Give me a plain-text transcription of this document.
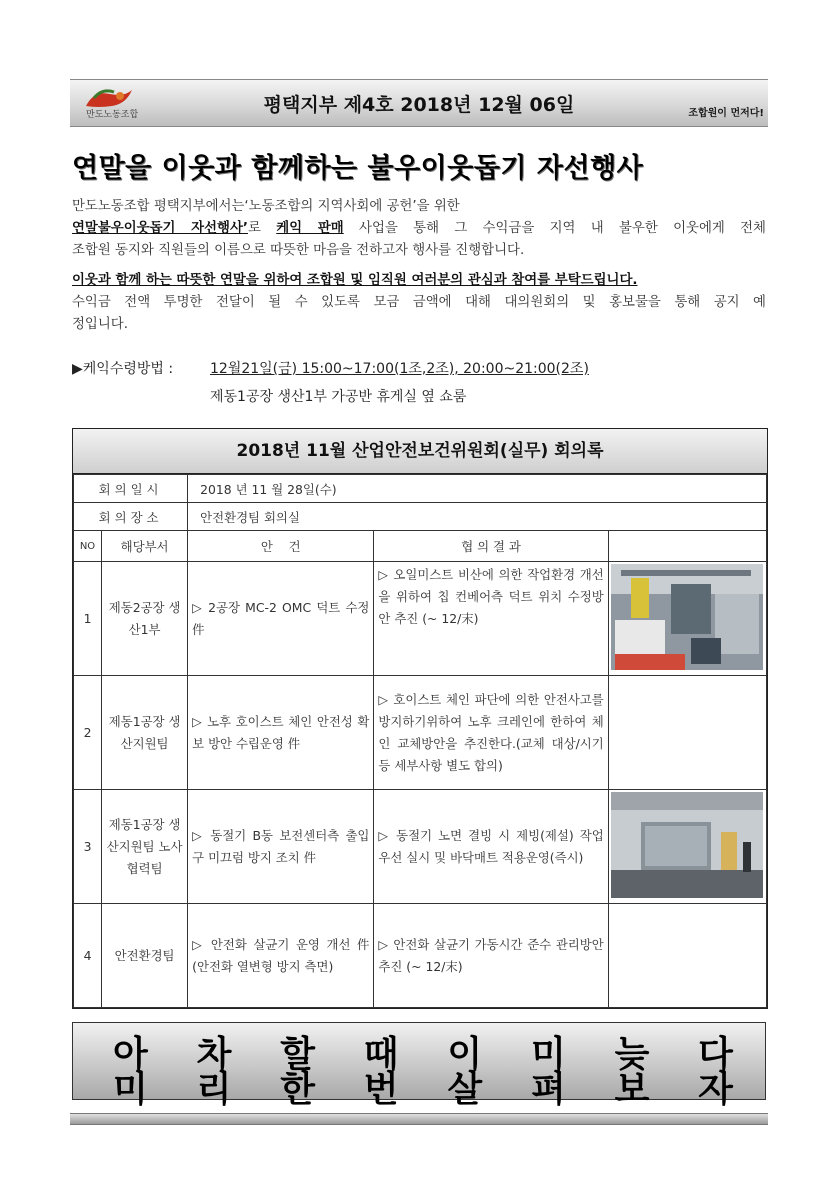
만도노동조합	평택지부 제4호 2018년 12월 06일	조합원이 먼저다!
연말을 이웃과 함께하는 불우이웃돕기 자선행사
만도노동조합 평택지부에서는‘노동조합의 지역사회에 공헌’을 위한
연말불우이웃돕기 자선행사’로 케익 판매 사업을 통해 그 수익금을 지역 내 불우한 이웃에게 전체
조합원 동지와 직원들의 이름으로 따뜻한 마음을 전하고자 행사를 진행합니다.
이웃과 함께 하는 따뜻한 연말을 위하여 조합원 및 임직원 여러분의 관심과 참여를 부탁드립니다.
수익금 전액 투명한 전달이 될 수 있도록 모금 금액에 대해 대의원회의 및 홍보물을 통해 공지 예
정입니다.
▶케익수령방법 :	12월21일(금) 15:00~17:00(1조,2조), 20:00~21:00(2조)
제동1공장 생산1부 가공반 휴게실 옆 쇼룸
2018년 11월 산업안전보건위원회(실무) 회의록
회의일시		2018 년 11 월 28일(수)		
회의장소		안전환경팀 회의실		
NO	해당부서	안    건	협 의 결 과	
1	제동2공장 생산1부	▷ 2공장 MC-2 OMC 덕트 수정 件	▷ 오일미스트 비산에 의한 작업환경 개선을 위하여 칩 컨베어측 덕트 위치 수정방안 추진 (~ 12/末)	
2	제동1공장 생산지원팀	▷ 노후 호이스트 체인 안전성 확보 방안 수립운영 件	▷ 호이스트 체인 파단에 의한 안전사고를 방지하기위하여 노후 크레인에 한하여 체인 교체방안을 추진한다.(교체 대상/시기 등 세부사항 별도 합의)	
3	제동1공장 생산지원팀 노사협력팀	▷ 동절기 B동 보전센터측 출입구 미끄럼 방지 조치 件	▷ 동절기 노면 결빙 시 제빙(제설) 작업 우선 실시 및 바닥매트 적용운영(즉시)	
4	안전환경팀	▷ 안전화 살균기 운영 개선 件 (안전화 열변형 방지 측면)	▷ 안전화 살균기 가동시간 준수 관리방안 추진 (~ 12/末)	
아 차 할 때 이 미 늦 다
미 리 한 번 살 펴 보 자
